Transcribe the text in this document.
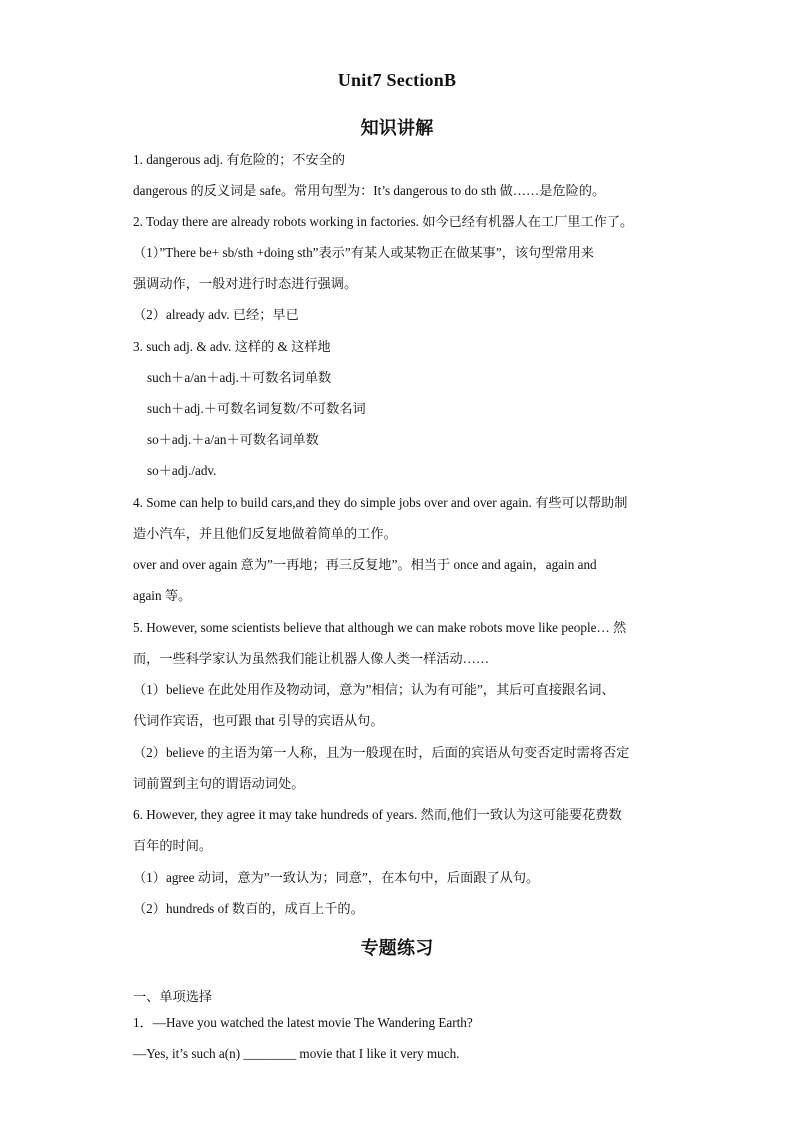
Unit7 SectionB
知识讲解
1. dangerous adj. 有危险的；不安全的
dangerous 的反义词是 safe。常用句型为：It’s dangerous to do sth 做……是危险的。
2. Today there are already robots working in factories. 如今已经有机器人在工厂里工作了。
（1）”There be+ sb/sth +doing sth”表示”有某人或某物正在做某事”，该句型常用来
强调动作，一般对进行时态进行强调。
（2）already adv. 已经；早已
3. such adj. & adv. 这样的 & 这样地
such＋a/an＋adj.＋可数名词单数
such＋adj.＋可数名词复数/不可数名词
so＋adj.＋a/an＋可数名词单数
so＋adj./adv.
4. Some can help to build cars,and they do simple jobs over and over again. 有些可以帮助制
造小汽车，并且他们反复地做着简单的工作。
over and over again 意为”一再地；再三反复地”。相当于 once and again，again and
again 等。
5. However, some scientists believe that although we can make robots move like people… 然
而，一些科学家认为虽然我们能让机器人像人类一样活动……
（1）believe 在此处用作及物动词，意为”相信；认为有可能”，其后可直接跟名词、
代词作宾语，也可跟 that 引导的宾语从句。
（2）believe 的主语为第一人称，且为一般现在时，后面的宾语从句变否定时需将否定
词前置到主句的谓语动词处。
6. However, they agree it may take hundreds of years. 然而,他们一致认为这可能要花费数
百年的时间。
（1）agree 动词，意为”一致认为；同意”，在本句中，后面跟了从句。
（2）hundreds of 数百的，成百上千的。
专题练习
一、单项选择
1．—Have you watched the latest movie The Wandering Earth?
—Yes, it’s such a(n) ________ movie that I like it very much.
